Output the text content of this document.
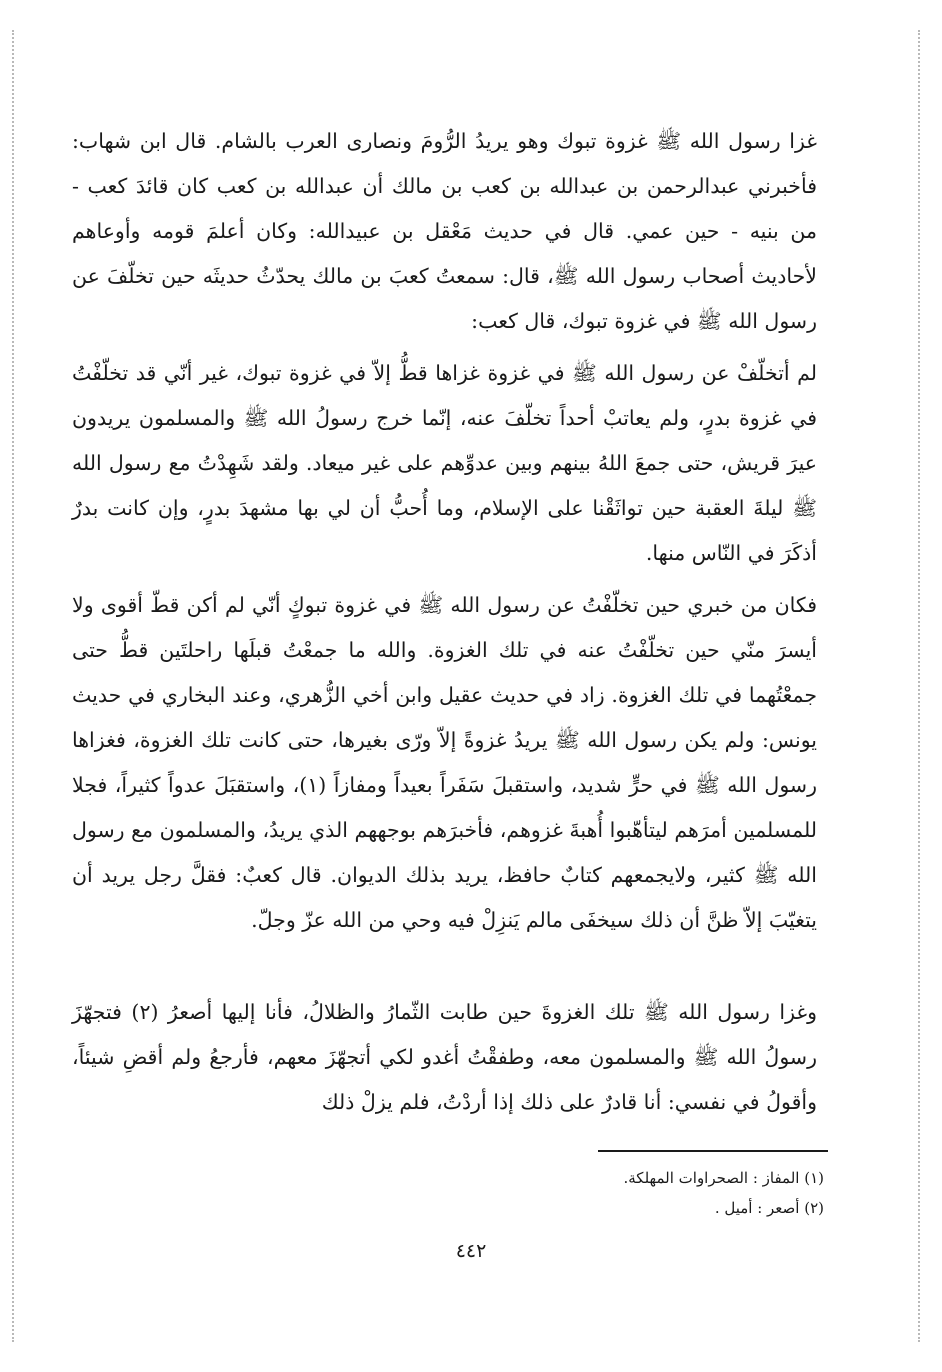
غزا رسول الله ﷺ غزوة تبوك وهو يريدُ الرُّومَ ونصارى العرب بالشام. قال ابن شهاب: فأخبرني عبدالرحمن بن عبدالله بن كعب بن مالك أن عبدالله بن كعب كان قائدَ كعب - من بنيه - حين عمي. قال في حديث مَعْقل بن عبيدالله: وكان أعلمَ قومه وأوعاهم لأحاديث أصحاب رسول الله ﷺ، قال: سمعتُ كعبَ بن مالك يحدّثُ حديثَه حين تخلّفَ عن رسول الله ﷺ في غزوة تبوك، قال كعب:

لم أتخلّفْ عن رسول الله ﷺ في غزوة غزاها قطُّ إلاّ في غزوة تبوك، غير أنّي قد تخلّفْتُ في غزوة بدرٍ، ولم يعاتبْ أحداً تخلّفَ عنه، إنّما خرج رسولُ الله ﷺ والمسلمون يريدون عيرَ قريش، حتى جمعَ اللهُ بينهم وبين عدوِّهم على غير ميعاد. ولقد شَهِدْتُ مع رسول الله ﷺ ليلةَ العقبة حين تواثَقْنا على الإسلام، وما أُحبُّ أن لي بها مشهدَ بدرٍ، وإن كانت بدرٌ أذكَرَ في النّاس منها.

فكان من خبري حين تخلّفْتُ عن رسول الله ﷺ في غزوة تبوكٍ أنّي لم أكن قطّ أقوى ولا أيسرَ منّي حين تخلّفْتُ عنه في تلك الغزوة. والله ما جمعْتُ قبلَها راحلتَين قطُّ حتى جمعْتُهما في تلك الغزوة. زاد في حديث عقيل وابن أخي الزُّهري، وعند البخاري في حديث يونس: ولم يكن رسول الله ﷺ يريدُ غزوةً إلاّ ورّى بغيرها، حتى كانت تلك الغزوة، فغزاها رسول الله ﷺ في حرٍّ شديد، واستقبلَ سَفَراً بعيداً ومفازاً (١)، واستقبَلَ عدواً كثيراً، فجلا للمسلمين أمرَهم ليتأهّبوا أُهبةَ غزوهم، فأخبرَهم بوجههم الذي يريدُ، والمسلمون مع رسول الله ﷺ كثير، ولايجمعهم كتابٌ حافظ، يريد بذلك الديوان. قال كعبٌ: فقلَّ رجل يريد أن يتغيّبَ إلاّ ظنَّ أن ذلك سيخفَى مالم يَنزِلْ فيه وحي من الله عزّ وجلّ.

وغزا رسول الله ﷺ تلك الغزوةَ حين طابت الثّمارُ والظلالُ، فأنا إليها أصعرُ (٢) فتجهّزَ رسولُ الله ﷺ والمسلمون معه، وطفقْتُ أغدو لكي أتجهّزَ معهم، فأرجعُ ولم أقضِ شيئاً، وأقولُ في نفسي: أنا قادرٌ على ذلك إذا أردْتُ، فلم يزلْ ذلك

(١) المفاز : الصحراوات المهلكة.
(٢) أصعر : أميل .
٤٤٢
